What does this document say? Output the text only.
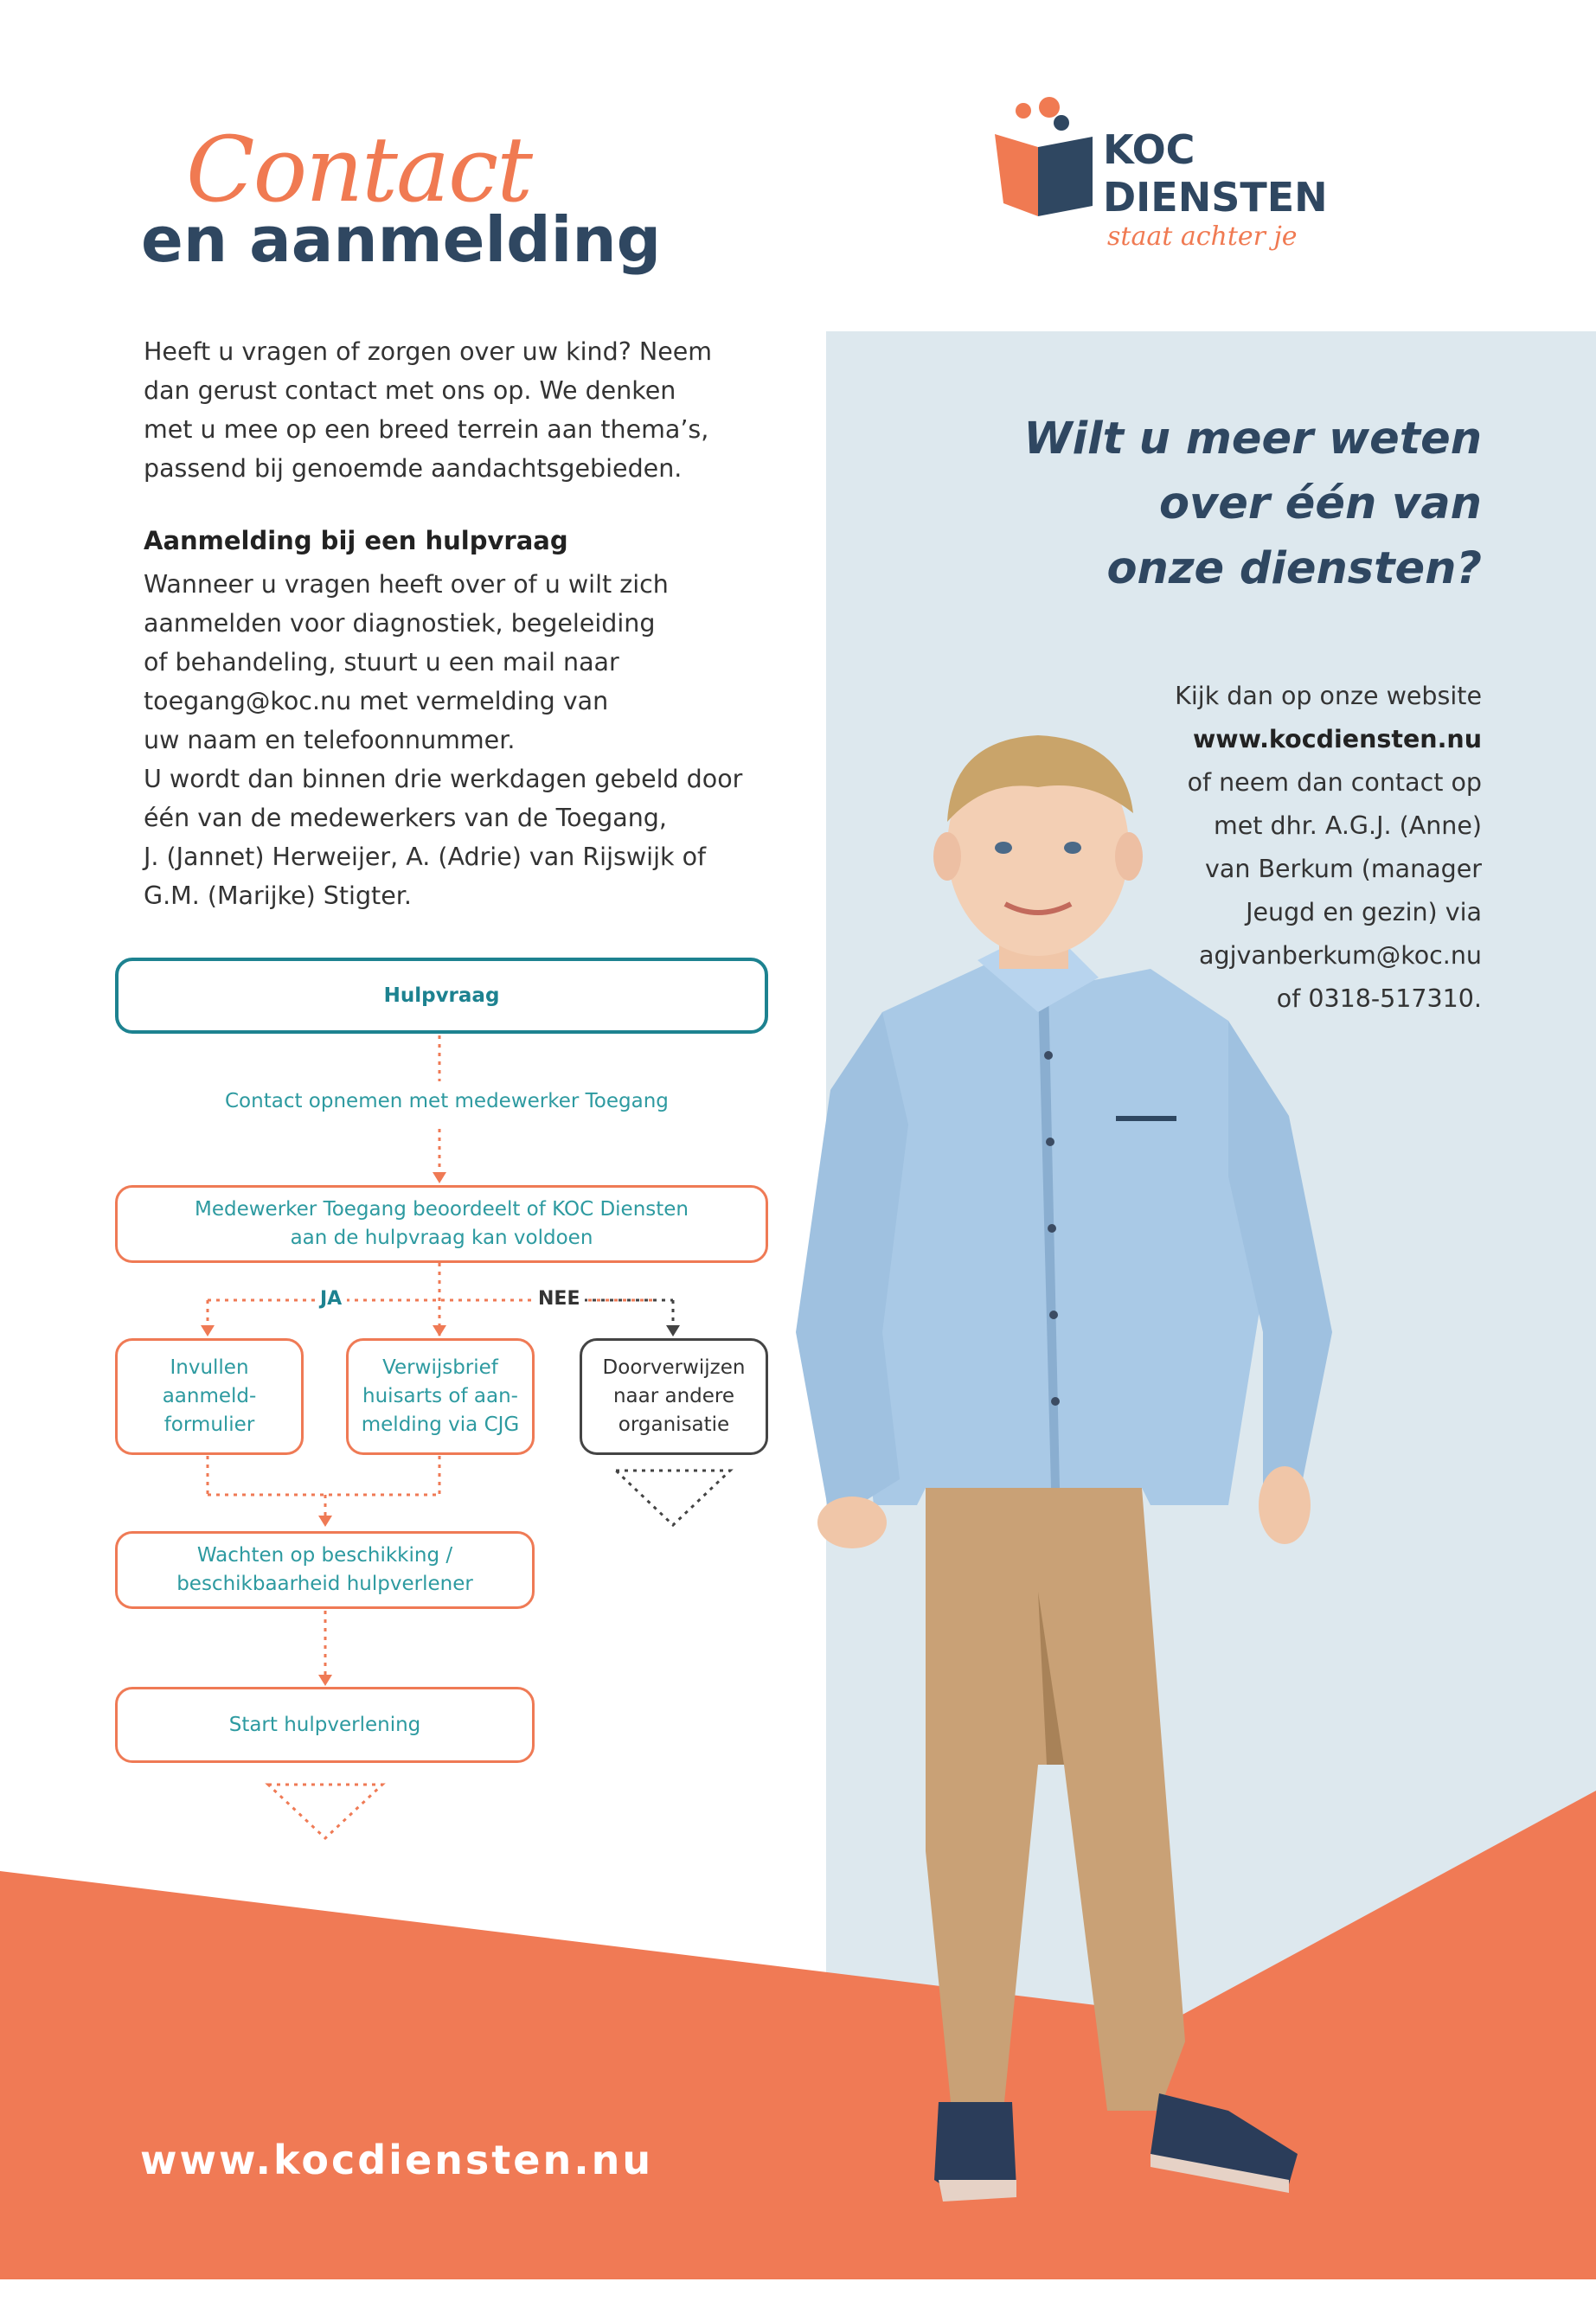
Contact
en aanmelding
KOC
DIENSTEN
staat achter je
Heeft u vragen of zorgen over uw kind? Neem
dan gerust contact met ons op. We denken
met u mee op een breed terrein aan thema’s,
passend bij genoemde aandachtsgebieden.
Aanmelding bij een hulpvraag
Wanneer u vragen heeft over of u wilt zich
aanmelden voor diagnostiek, begeleiding
of behandeling, stuurt u een mail naar
toegang@koc.nu met vermelding van
uw naam en telefoonnummer.
U wordt dan binnen drie werkdagen gebeld door
één van de medewerkers van de Toegang,
J. (Jannet) Herweijer, A. (Adrie) van Rijswijk of
G.M. (Marijke) Stigter.
Wilt u meer weten
over één van
onze diensten?
Kijk dan op onze website
www.kocdiensten.nu
of neem dan contact op
met dhr. A.G.J. (Anne)
van Berkum (manager
Jeugd en gezin) via
agjvanberkum@koc.nu
of 0318-517310.
Hulpvraag
Contact opnemen met medewerker Toegang
Medewerker Toegang beoordeelt of KOC Diensten
aan de hulpvraag kan voldoen
JA	NEE
Invullen
aanmeld-
formulier
Verwijsbrief
huisarts of aan-
melding via CJG
Doorverwijzen
naar andere
organisatie
Wachten op beschikking /
beschikbaarheid hulpverlener
Start hulpverlening
www.kocdiensten.nu
